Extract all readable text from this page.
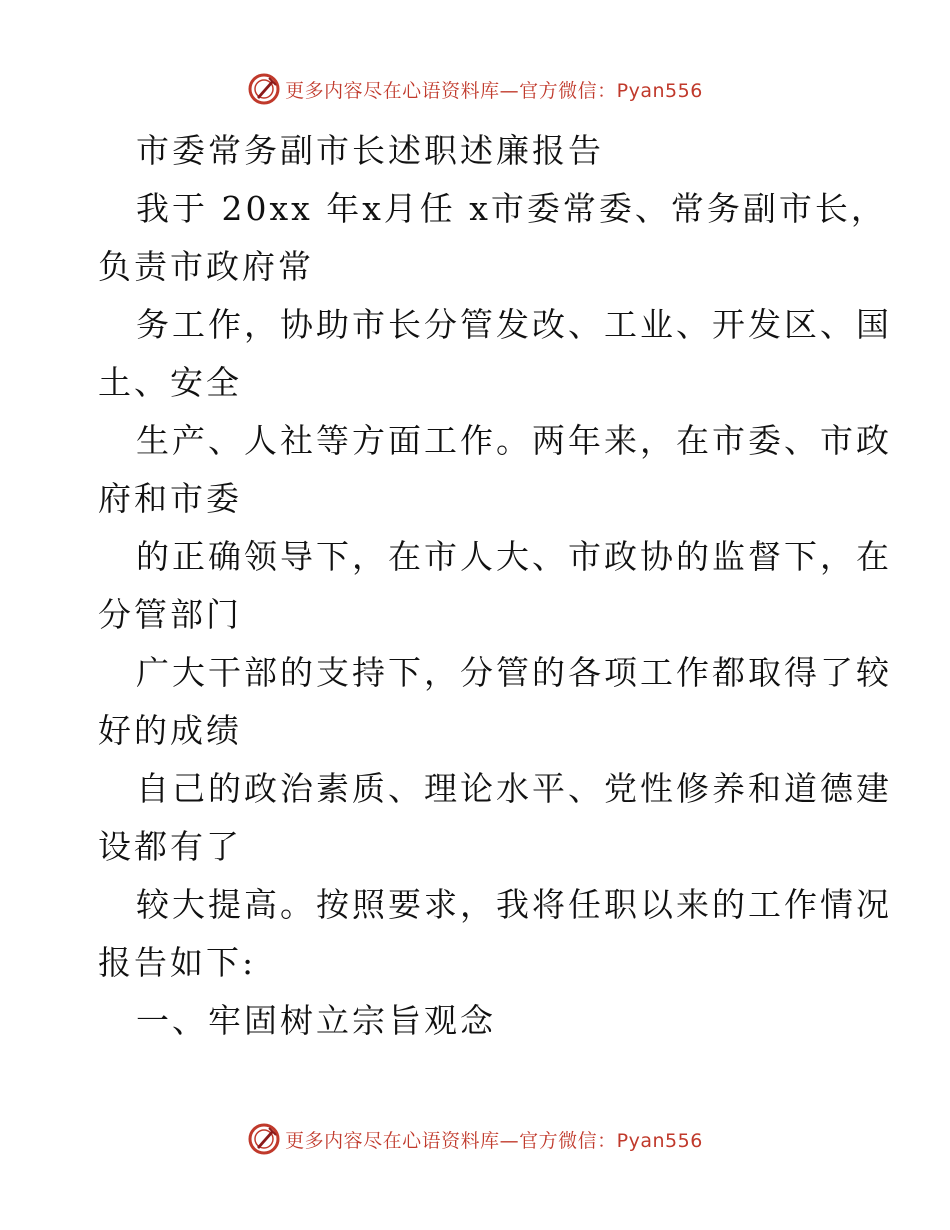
更多内容尽在心语资料库—官方微信：Pyan556
市委常务副市长述职述廉报告
我于 20xx 年x月任 x市委常委、常务副市长，
负责市政府常
务工作，协助市长分管发改、工业、开发区、国
土、安全
生产、人社等方面工作。两年来，在市委、市政
府和市委
的正确领导下，在市人大、市政协的监督下，在
分管部门
广大干部的支持下，分管的各项工作都取得了较
好的成绩
自己的政治素质、理论水平、党性修养和道德建
设都有了
较大提高。按照要求，我将任职以来的工作情况
报告如下:
一、牢固树立宗旨观念
更多内容尽在心语资料库—官方微信：Pyan556
